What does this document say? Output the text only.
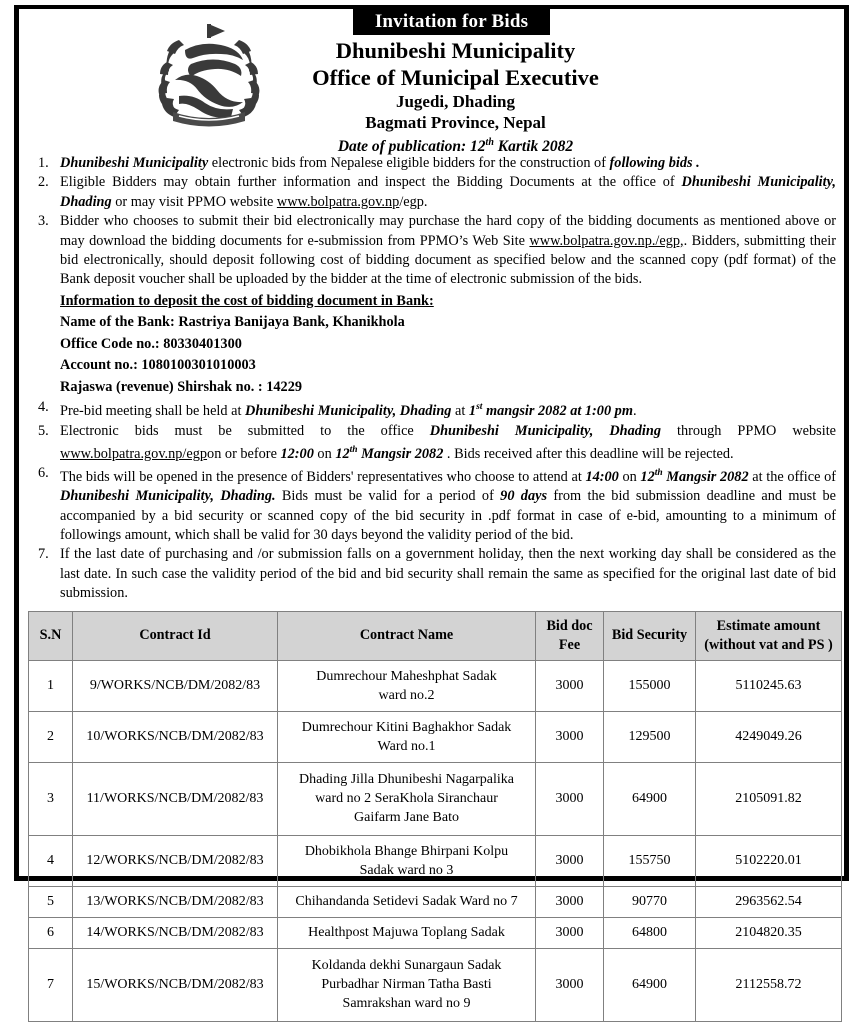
Invitation for Bids
Dhunibeshi Municipality
Office of Municipal Executive
Jugedi, Dhading
Bagmati Province, Nepal
Date of publication: 12th Kartik 2082
1. Dhunibeshi Municipality electronic bids from Nepalese eligible bidders for the construction of following bids .
2. Eligible Bidders may obtain further information and inspect the Bidding Documents at the office of Dhunibeshi Municipality, Dhading or may visit PPMO website www.bolpatra.gov.np/egp.
3. Bidder who chooses to submit their bid electronically may purchase the hard copy of the bidding documents as mentioned above or may download the bidding documents for e-submission from PPMO’s Web Site www.bolpatra.gov.np./egp,. Bidders, submitting their bid electronically, should deposit following cost of bidding document as specified below and the scanned copy (pdf format) of the Bank deposit voucher shall be uploaded by the bidder at the time of electronic submission of the bids.
Information to deposit the cost of bidding document in Bank:
Name of the Bank: Rastriya Banijaya Bank, Khanikhola
Office Code no.: 80330401300
Account no.: 1080100301010003
Rajaswa (revenue) Shirshak no. : 14229
4. Pre-bid meeting shall be held at Dhunibeshi Municipality, Dhading at 1st mangsir 2082 at 1:00 pm.
5. Electronic bids must be submitted to the office Dhunibeshi Municipality, Dhading through PPMO website www.bolpatra.gov.np/egpon or before 12:00 on 12th Mangsir 2082 . Bids received after this deadline will be rejected.
6. The bids will be opened in the presence of Bidders' representatives who choose to attend at 14:00 on 12th Mangsir 2082 at the office of Dhunibeshi Municipality, Dhading. Bids must be valid for a period of 90 days from the bid submission deadline and must be accompanied by a bid security or scanned copy of the bid security in .pdf format in case of e-bid, amounting to a minimum of followings amount, which shall be valid for 30 days beyond the validity period of the bid.
7. If the last date of purchasing and /or submission falls on a government holiday, then the next working day shall be considered as the last date. In such case the validity period of the bid and bid security shall remain the same as specified for the original last date of bid submission.
S.N	Contract Id	Contract Name	Bid doc
Fee	Bid Security	Estimate amount
(without vat and PS )
1	9/WORKS/NCB/DM/2082/83	Dumrechour Maheshphat Sadak
ward no.2	3000	155000	5110245.63
2	10/WORKS/NCB/DM/2082/83	Dumrechour Kitini Baghakhor Sadak
Ward no.1	3000	129500	4249049.26
3	11/WORKS/NCB/DM/2082/83	Dhading Jilla Dhunibeshi Nagarpalika
ward no 2 SeraKhola Siranchaur
Gaifarm Jane Bato	3000	64900	2105091.82
4	12/WORKS/NCB/DM/2082/83	Dhobikhola Bhange Bhirpani Kolpu
Sadak ward no 3	3000	155750	5102220.01
5	13/WORKS/NCB/DM/2082/83	Chihandanda Setidevi Sadak Ward no 7	3000	90770	2963562.54
6	14/WORKS/NCB/DM/2082/83	Healthpost Majuwa Toplang Sadak	3000	64800	2104820.35
7	15/WORKS/NCB/DM/2082/83	Koldanda dekhi Sunargaun Sadak
Purbadhar Nirman Tatha Basti
Samrakshan ward no 9	3000	64900	2112558.72
